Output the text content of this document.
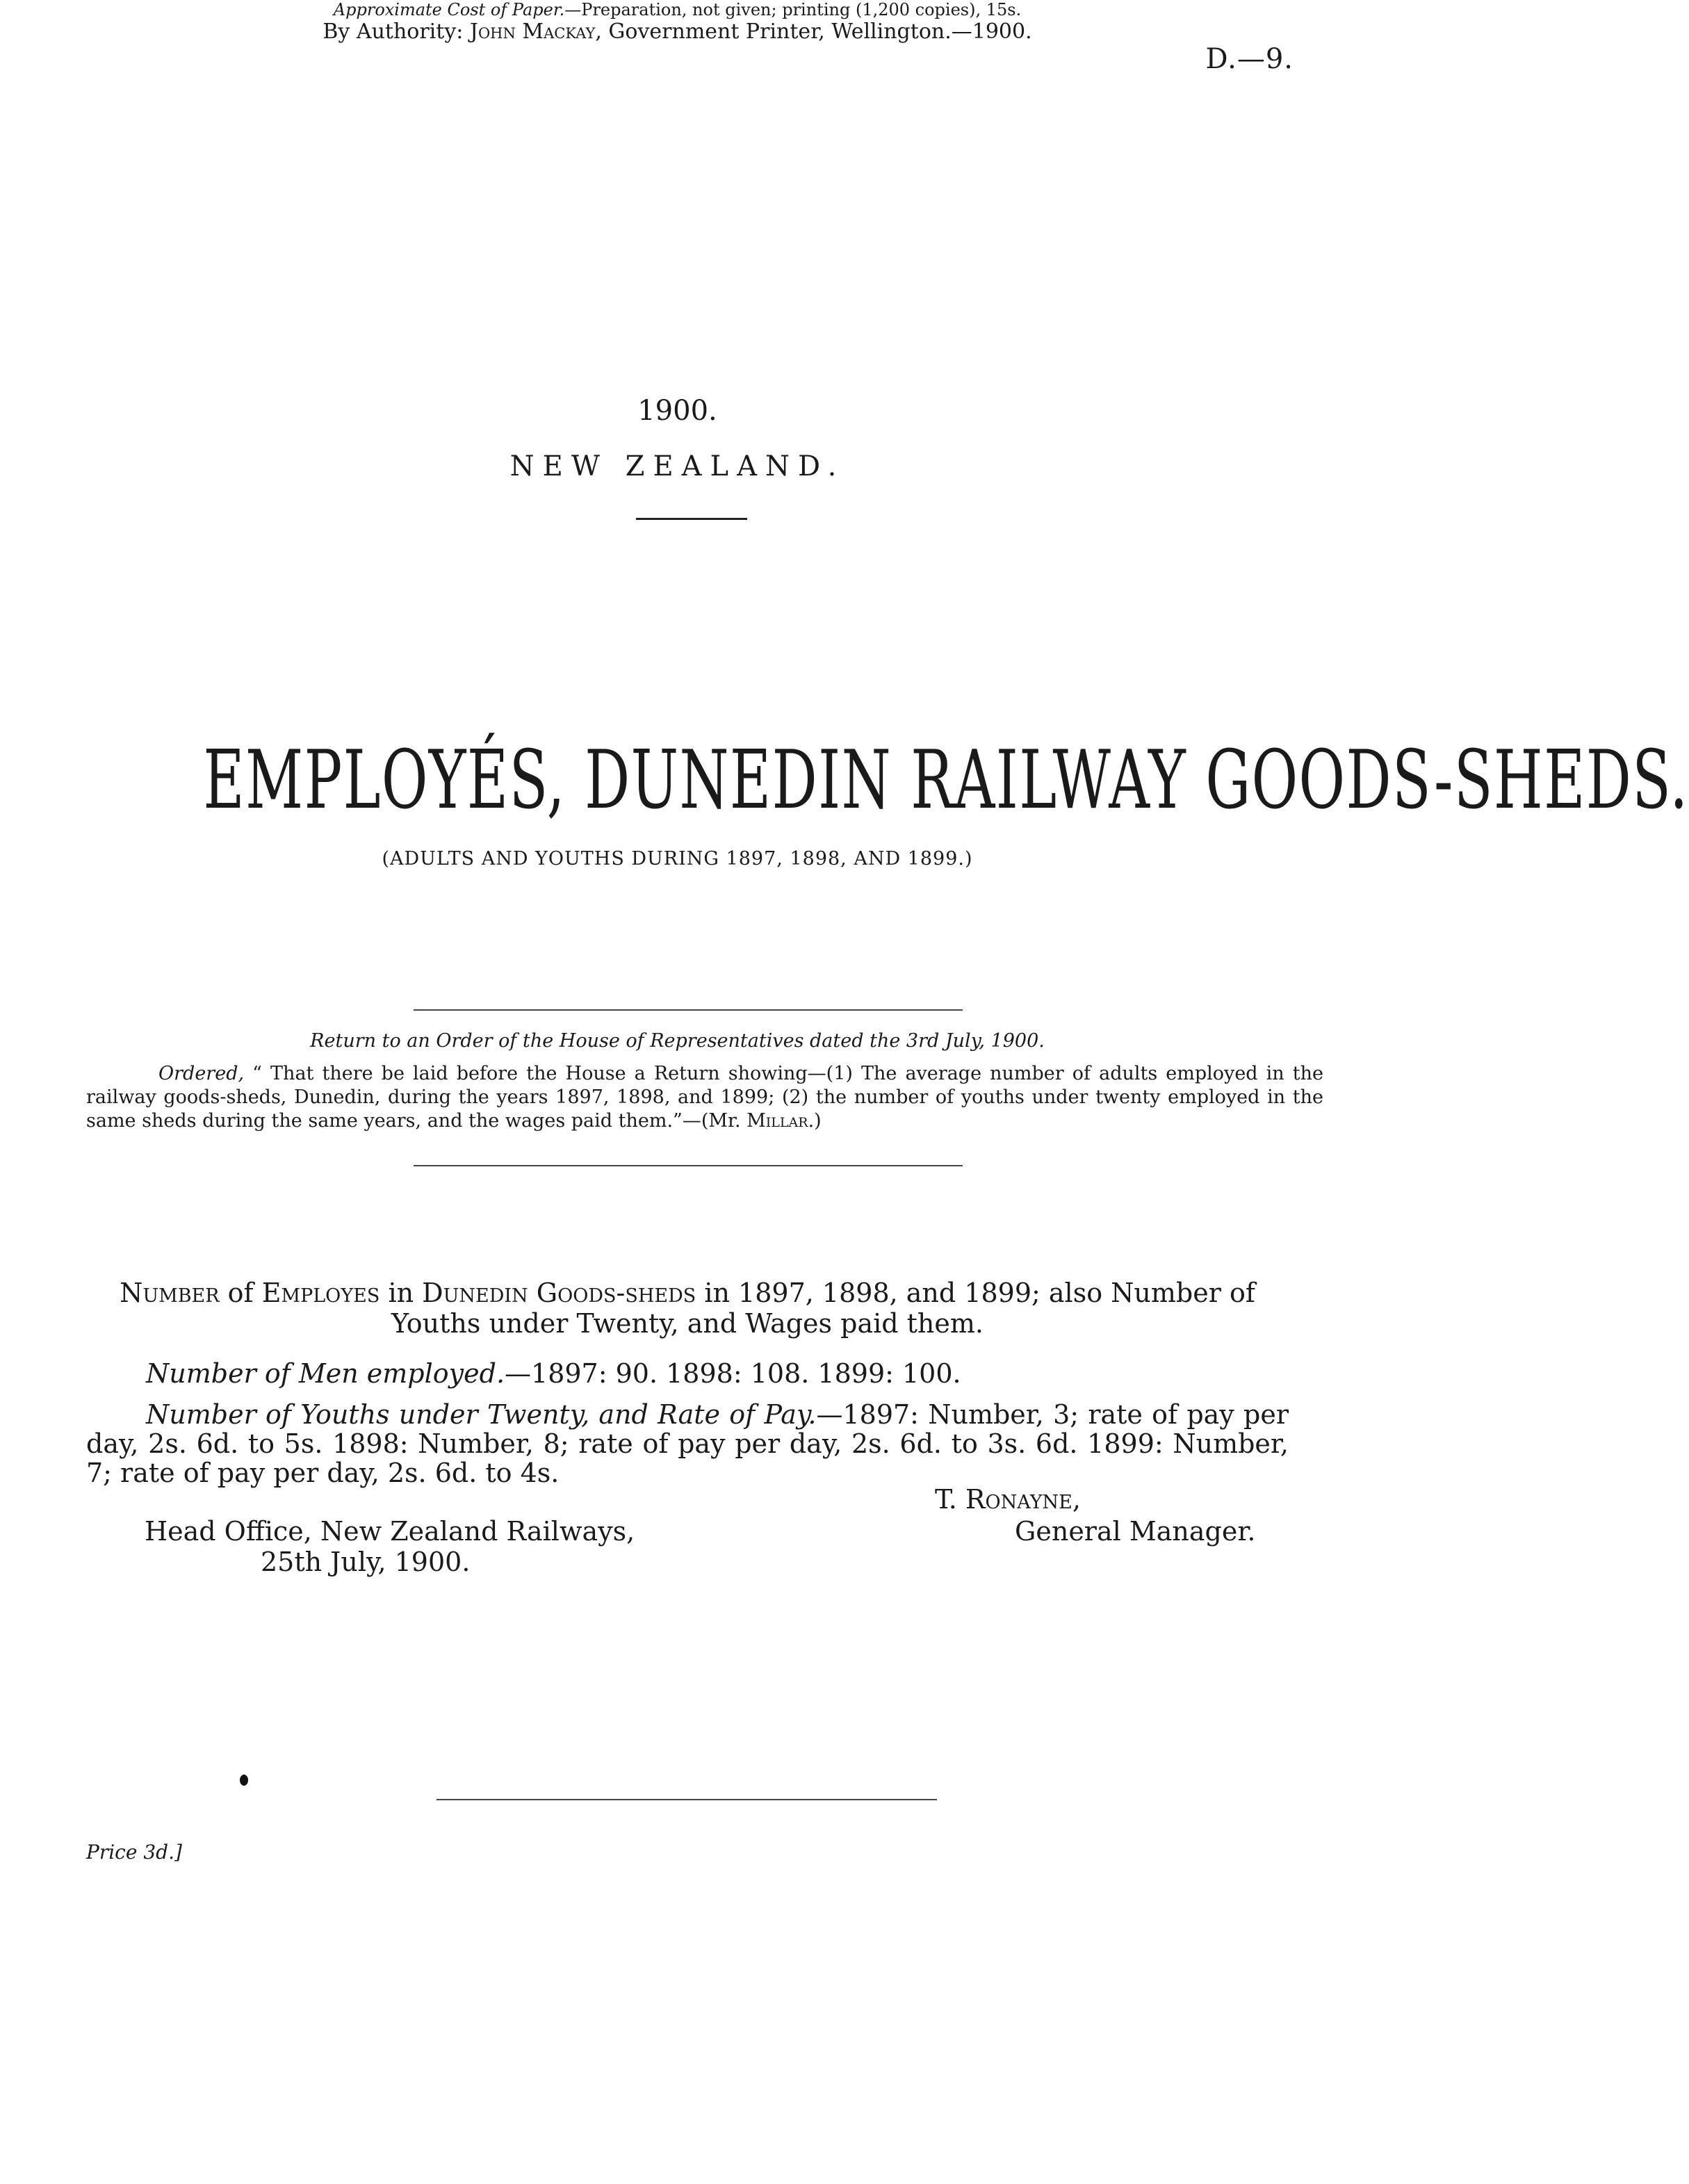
D.—9.
1900.
NEW ZEALAND.
EMPLOYÉS, DUNEDIN RAILWAY GOODS-SHEDS.
(ADULTS AND YOUTHS DURING 1897, 1898, AND 1899.)
Return to an Order of the House of Representatives dated the 3rd July, 1900.
Ordered, “ That there be laid before the House a Return showing—(1) The average number of adults employed in the railway goods-sheds, Dunedin, during the years 1897, 1898, and 1899; (2) the number of youths under twenty employed in the same sheds during the same years, and the wages paid them.”—(Mr. Millar.)
Number of Employes in Dunedin Goods-sheds in 1897, 1898, and 1899; also Number of Youths under Twenty, and Wages paid them.
Number of Men employed.—1897: 90. 1898: 108. 1899: 100.
Number of Youths under Twenty, and Rate of Pay.—1897: Number, 3; rate of pay per day, 2s. 6d. to 5s. 1898: Number, 8; rate of pay per day, 2s. 6d. to 3s. 6d. 1899: Number, 7; rate of pay per day, 2s. 6d. to 4s.
T. Ronayne,
General Manager.
Head Office, New Zealand Railways,
25th July, 1900.
Approximate Cost of Paper.—Preparation, not given; printing (1,200 copies), 15s.
By Authority: John Mackay, Government Printer, Wellington.—1900.
Price 3d.]
